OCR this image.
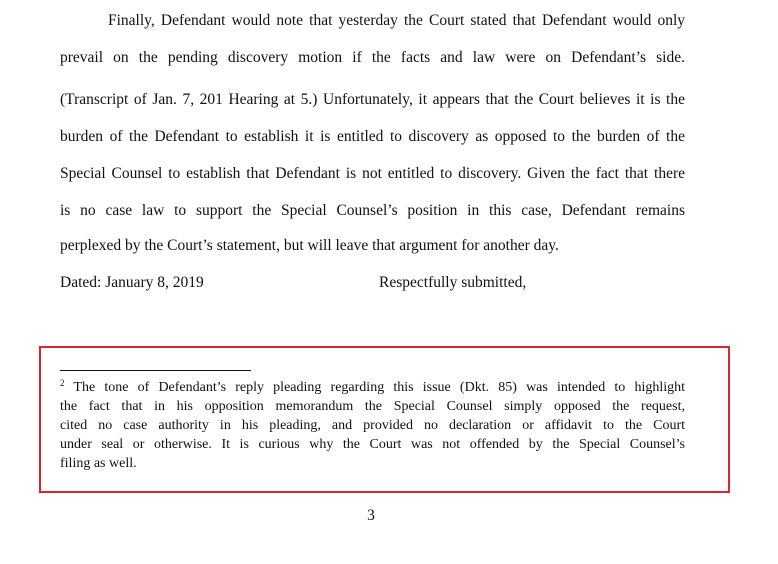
Finally, Defendant would note that yesterday the Court stated that Defendant would only
prevail on the pending discovery motion if the facts and law were on Defendant’s side.
(Transcript of Jan. 7, 201 Hearing at 5.) Unfortunately, it appears that the Court believes it is the
burden of the Defendant to establish it is entitled to discovery as opposed to the burden of the
Special Counsel to establish that Defendant is not entitled to discovery. Given the fact that there
is no case law to support the Special Counsel’s position in this case, Defendant remains
perplexed by the Court’s statement, but will leave that argument for another day.
Dated: January 8, 2019	Respectfully submitted,
$^2$ The tone of Defendant’s reply pleading regarding this issue (Dkt. 85) was intended to highlight
the fact that in his opposition memorandum the Special Counsel simply opposed the request,
cited no case authority in his pleading, and provided no declaration or affidavit to the Court
under seal or otherwise. It is curious why the Court was not offended by the Special Counsel’s
filing as well.
3
